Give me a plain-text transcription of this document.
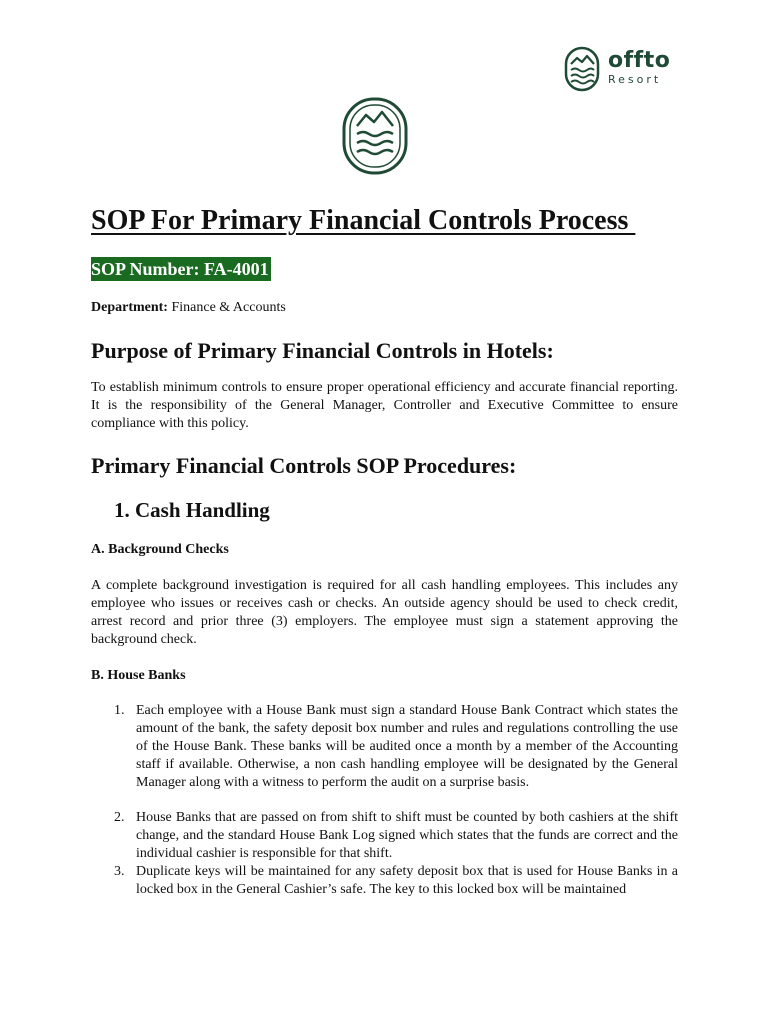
offto
Resort
SOP For Primary Financial Controls Process
SOP Number: FA-4001
Department: Finance & Accounts
Purpose of Primary Financial Controls in Hotels:
To establish minimum controls to ensure proper operational efficiency and accurate financial reporting. It is the responsibility of the General Manager, Controller and Executive Committee to ensure compliance with this policy.
Primary Financial Controls SOP Procedures:
1. Cash Handling
A. Background Checks
A complete background investigation is required for all cash handling employees. This includes any employee who issues or receives cash or checks. An outside agency should be used to check credit, arrest record and prior three (3) employers. The employee must sign a statement approving the background check.
B. House Banks
1. Each employee with a House Bank must sign a standard House Bank Contract which states the amount of the bank, the safety deposit box number and rules and regulations controlling the use of the House Bank. These banks will be audited once a month by a member of the Accounting staff if available. Otherwise, a non cash handling employee will be designated by the General Manager along with a witness to perform the audit on a surprise basis.
2. House Banks that are passed on from shift to shift must be counted by both cashiers at the shift change, and the standard House Bank Log signed which states that the funds are correct and the individual cashier is responsible for that shift.
3. Duplicate keys will be maintained for any safety deposit box that is used for House Banks in a locked box in the General Cashier’s safe. The key to this locked box will be maintained
